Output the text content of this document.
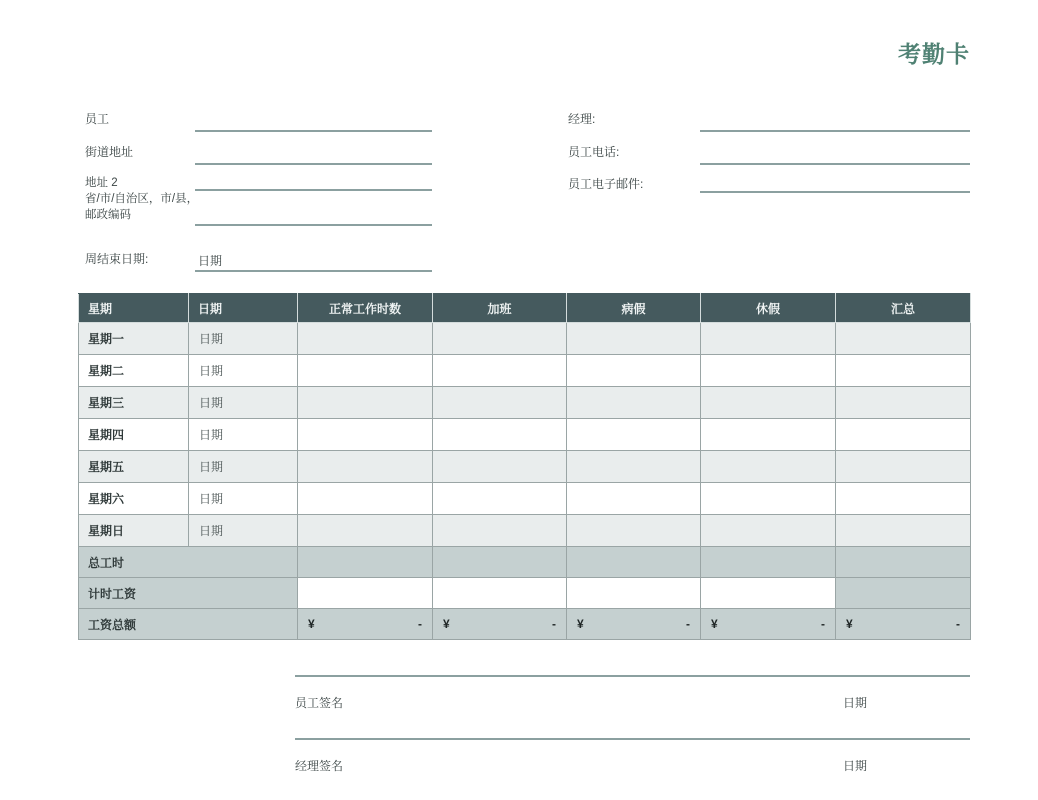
考勤卡
员工
街道地址
地址 2
省/市/自治区，市/县，邮政编码
经理:
员工电话:
员工电子邮件:
周结束日期:	日期
星期	日期	正常工作时数	加班	病假	休假	汇总
星期一	日期					
星期二	日期					
星期三	日期					
星期四	日期					
星期五	日期					
星期六	日期					
星期日	日期					
总工时						
计时工资						
工资总额		¥ -	¥ -	¥ -	¥ -	¥ -
员工签名	日期
经理签名	日期
